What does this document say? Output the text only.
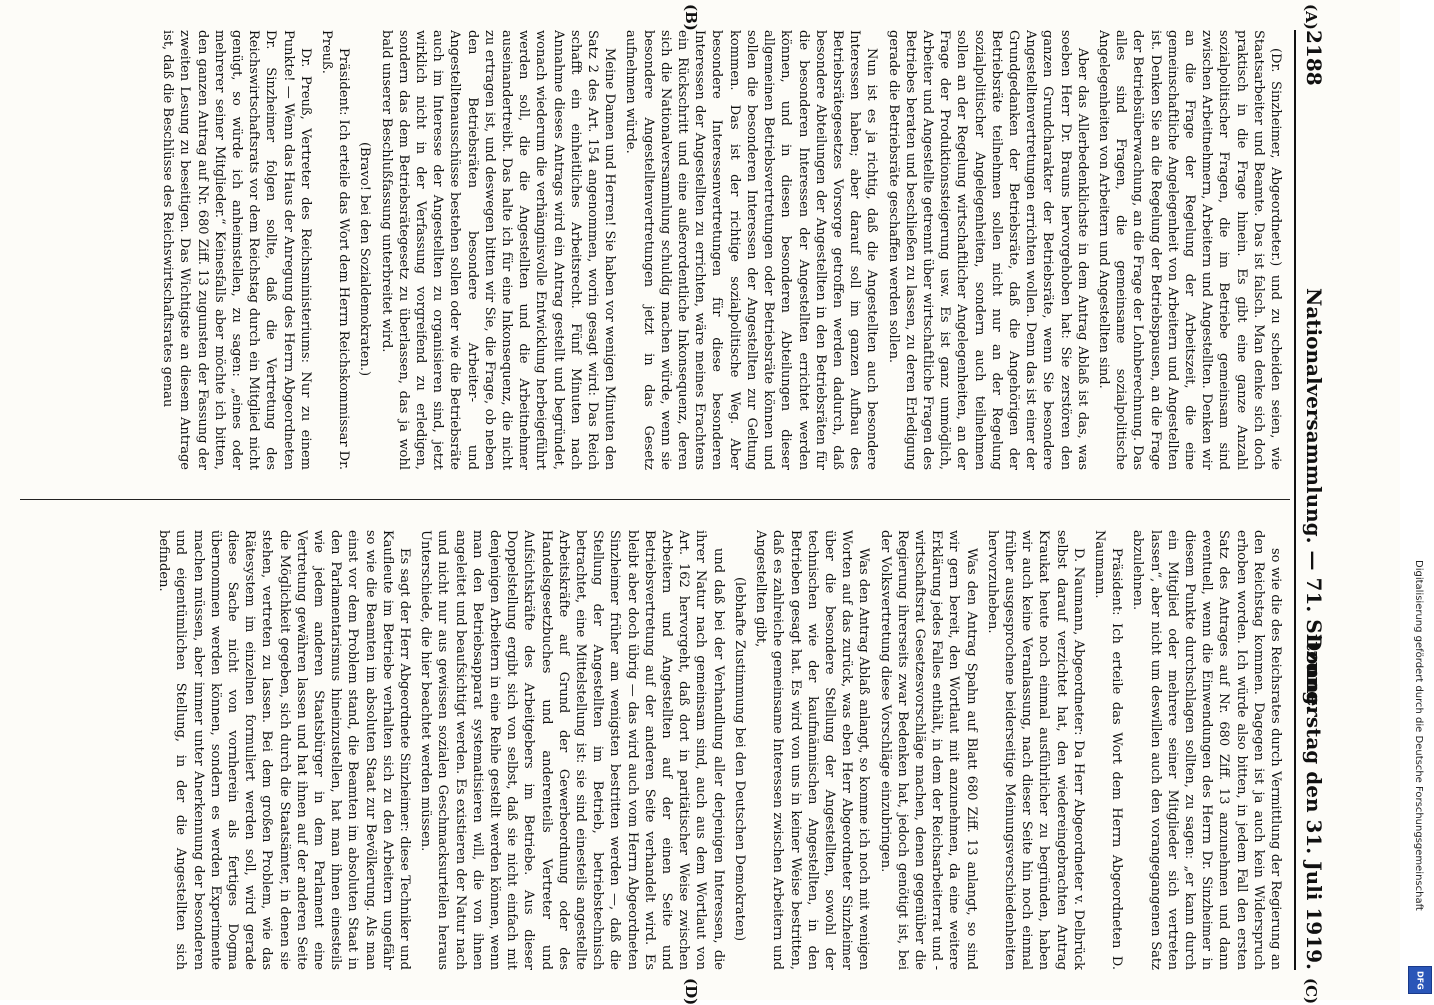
2188
Nationalversammlung. — 71. Sitzung.
Donnerstag den 31. Juli 1919.
(A)
(B)
(C)
(D)

(Dr. Sinzheimer, Abgeordneter.) und zu scheiden seien, wie Staatsarbeiter und Beamte. Das ist falsch. Man denke sich doch praktisch in die Frage hinein. Es gibt eine ganze Anzahl sozialpolitischer Fragen, die im Betriebe gemeinsam sind zwischen Arbeitnehmern, Arbeitern und Angestellten. Denken wir an die Frage der Regelung der Arbeitszeit, die eine gemeinschaftliche Angelegenheit von Arbeitern und Angestellten ist. Denken Sie an die Regelung der Betriebspausen, an die Frage der Betriebsüberwachung, an die Frage der Lohnberechnung. Das alles sind Fragen, die gemeinsame sozialpolitische Angelegenheiten von Arbeitern und Angestellten sind.

Aber das Allerbedenklichste in dem Antrag Ablaß ist das, was soeben Herr Dr. Brauns hervorgehoben hat: Sie zerstören den ganzen Grundcharakter der Betriebsräte, wenn Sie besondere Angestelltenvertretungen errichten wollen. Denn das ist einer der Grundgedanken der Betriebsräte, daß die Angehörigen der Betriebsräte teilnehmen sollen nicht nur an der Regelung sozialpolitischer Angelegenheiten, sondern auch teilnehmen sollen an der Regelung wirtschaftlicher Angelegenheiten, an der Frage der Produktionssteigerung usw. Es ist ganz unmöglich, Arbeiter und Angestellte getrennt über wirtschaftliche Fragen des Betriebes beraten und beschließen zu lassen, zu deren Erledigung gerade die Betriebsräte geschaffen werden sollen.

Nun ist es ja richtig, daß die Angestellten auch besondere Interessen haben; aber darauf soll im ganzen Aufbau des Betriebsrätegesetzes Vorsorge getroffen werden dadurch, daß besondere Abteilungen der Angestellten in den Betriebsräten für die besonderen Interessen der Angestellten errichtet werden können, und in diesen besonderen Abteilungen dieser allgemeinen Betriebsvertretungen oder Betriebsräte können und sollen die besonderen Interessen der Angestellten zur Geltung kommen. Das ist der richtige sozialpolitische Weg. Aber besondere Interessenvertretungen für diese besonderen Interessen der Angestellten zu errichten, wäre meines Erachtens ein Rückschritt und eine außerordentliche Inkonsequenz, deren sich die Nationalversammlung schuldig machen würde, wenn sie besondere Angestelltenvertretungen jetzt in das Gesetz aufnehmen würde.

Meine Damen und Herren! Sie haben vor wenigen Minuten den Satz 2 des Art. 154 angenommen, worin gesagt wird: Das Reich schafft ein einheitliches Arbeitsrecht. Fünf Minuten nach Annahme dieses Antrags wird ein Antrag gestellt und begründet, wonach wiederum die verhängnisvolle Entwicklung herbeigeführt werden soll, die die Angestellten und die Arbeitnehmer auseinandertreibt. Das halte ich für eine Inkonsequenz, die nicht zu ertragen ist, und deswegen bitten wir Sie, die Frage, ob neben den Betriebsräten besondere Arbeiter- und Angestelltenausschüsse bestehen sollen oder wie die Betriebsräte auch im Interesse der Angestellten zu organisieren sind, jetzt wirklich nicht in der Verfassung vorgreifend zu erledigen, sondern das dem Betriebsrätegesetz zu überlassen, das ja wohl bald unserer Beschlußfassung unterbreitet wird.

(Bravo! bei den Sozialdemokraten.)

Präsident: Ich erteile das Wort dem Herrn Reichskommissar Dr. Preuß.

Dr. Preuß, Vertreter des Reichsministeriums: Nur zu einem Punkte! — Wenn das Haus der Anregung des Herrn Abgeordneten Dr. Sinzheimer folgen sollte, daß die Vertretung des Reichswirtschaftsrats vor dem Reichstag durch ein Mitglied nicht genügt, so würde ich anheimstellen, zu sagen: „eines oder mehrerer seiner Mitglieder.“ Keinesfalls aber möchte ich bitten, den ganzen Antrag auf Nr. 680 Ziff. 13 zugunsten der Fassung der zweiten Lesung zu beseitigen. Das Wichtigste an diesem Antrage ist, daß die Beschlüsse des Reichswirtschaftsrates genau

so wie die des Reichsrates durch Vermittlung der Regierung an den Reichstag kommen. Dagegen ist ja auch kein Widerspruch erhoben worden. Ich würde also bitten, in jedem Fall den ersten Satz des Antrages auf Nr. 680 Ziff. 13 anzunehmen und dann eventuell, wenn die Einwendungen des Herrn Dr. Sinzheimer in diesem Punkte durchschlagen sollten, zu sagen: „er kann durch ein Mitglied oder mehrere seiner Mitglieder sich vertreten lassen“, aber nicht um deswillen auch den vorangegangenen Satz abzulehnen.

Präsident: Ich erteile das Wort dem Herrn Abgeordneten D. Naumann.

D. Naumann, Abgeordneter: Da Herr Abgeordneter v. Delbrück selbst darauf verzichtet hat, den wiedereingebrachten Antrag Kraukat heute noch einmal ausführlicher zu begründen, haben wir auch keine Veranlassung, nach dieser Seite hin noch einmal früher ausgesprochene beiderseitige Meinungsverschiedenheiten hervorzuheben.

Was den Antrag Spahn auf Blatt 680 Ziff. 13 anlangt, so sind wir gern bereit, den Wortlaut mit anzunehmen, da eine weitere Erklärung jedes Falles enthält, in dem der Reichsarbeiterrat und -wirtschaftsrat Gesetzesvorschläge machen, denen gegenüber die Regierung ihrerseits zwar Bedenken hat, jedoch genötigt ist, bei der Volksvertretung diese Vorschläge einzubringen.

Was den Antrag Ablaß anlangt, so komme ich noch mit wenigen Worten auf das zurück, was eben Herr Abgeordneter Sinzheimer über die besondere Stellung der Angestellten, sowohl der technischen wie der kaufmännischen Angestellten, in den Betrieben gesagt hat. Es wird von uns in keiner Weise bestritten, daß es zahlreiche gemeinsame Interessen zwischen Arbeitern und Angestellten gibt,

(lebhafte Zustimmung bei den Deutschen Demokraten)

und daß bei der Verhandlung aller derjenigen Interessen, die ihrer Natur nach gemeinsam sind, auch aus dem Wortlaut von Art. 162 hervorgeht, daß dort in paritätischer Weise zwischen Arbeitern und Angestellten auf der einen Seite und Betriebsvertretung auf der anderen Seite verhandelt wird. Es bleibt aber doch übrig — das wird auch vom Herrn Abgeordneten Sinzheimer früher am wenigsten bestritten werden —, daß die Stellung der Angestellten im Betrieb, betriebstechnisch betrachtet, eine Mittelstellung ist: sie sind einesteils angestellte Arbeitskräfte auf Grund der Gewerbeordnung oder des Handelsgesetzbuches und anderenteils Vertreter und Aufsichtskräfte des Arbeitgebers im Betriebe. Aus dieser Doppelstellung ergibt sich von selbst, daß sie nicht einfach mit denjenigen Arbeitern in eine Reihe gestellt werden können, wenn man den Betriebsapparat systematisieren will, die von ihnen angeleitet und beaufsichtigt werden. Es existieren der Natur nach und nicht nur aus gewissen sozialen Geschmacksurteilen heraus Unterschiede, die hier beachtet werden müssen.

Es sagt der Herr Abgeordnete Sinzheimer: diese Techniker und Kaufleute im Betriebe verhalten sich zu den Arbeitern ungefähr so wie die Beamten im absoluten Staat zur Bevölkerung. Als man einst vor dem Problem stand, die Beamten im absoluten Staat in den Parlamentarismus hineinzustellen, hat man ihnen einesteils wie jedem anderen Staatsbürger in dem Parlament eine Vertretung gewähren lassen und hat ihnen auf der anderen Seite die Möglichkeit gegeben, sich durch die Staatsämter, in denen sie stehen, vertreten zu lassen. Bei dem großen Problem, wie das Rätesystem im einzelnen formuliert werden soll, wird gerade diese Sache nicht von vornherein als fertiges Dogma übernommen werden können, sondern es werden Experimente machen müssen, aber immer unter Anerkennung der besonderen und eigentümlichen Stellung, in der die Angestellten sich befinden.	Digitalisierung gefördert durch die Deutsche Forschungsgemeinschaft
DFG
